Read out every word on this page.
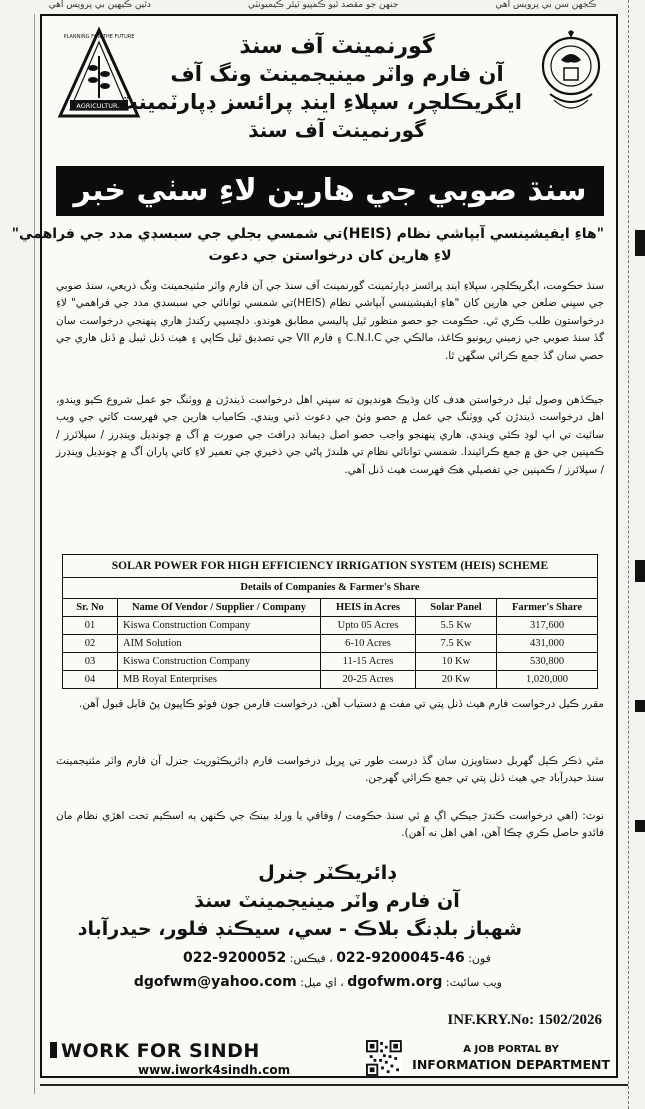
ڪجهن سن بي پرويس آهي
جنهن جو مقصد ٿيو ڪمپيو ٽيئر ڪيميونٽي
دٿين ڪيھين بي پرويس آهي
AGRICULTURE
PLANNING FOR THE FUTURE	گورنمينٽ آف سنڌ
آن فارم واٽر مينيجمينٽ ونگ آف
ايگريڪلچر، سپلاءِ اينڊ پرائسز ڊپارٽمينٽ
گورنمينٽ آف سنڌ
سنڌ صوبي جي هارين لاءِ سٺي خبر
"هاءِ ايفيشينسي آبپاشي نظام (HEIS)تي شمسي بجلي جي سبسڊي مدد جي فراهمي"
لاءِ هارين کان درخواستن جي دعوت
سنڌ حڪومت، ايگريڪلچر، سپلاءِ اينڊ پرائسز ڊپارٽمينٽ گورنمينٽ آف سنڌ جي آن فارم واٽر مئنيجمينٽ ونگ ذريعي، سنڌ صوبي جي سڀني ضلعن جي هارين کان "هاءِ ايفيشينسي آبپاشي نظام (HEIS)تي شمسي توانائي جي سبسڊي مدد جي فراهمي" لاءِ درخواستون طلب ڪري ٿي. حڪومت جو حصو منظور ٿيل پاليسي مطابق هوندو. دلچسپي رکندڙ هاري پنهنجي درخواست سان گڏ سنڌ صوبي جي زميني ريونيو ڪاغذ، مالڪي جي C.N.I.C ۽ فارم VII جي تصديق ٿيل ڪاپي ۽ هيٺ ڏنل ٽيبل ۾ ڏنل هاري جي حصي سان گڏ جمع ڪرائي سگهن ٿا.
جيڪڏهن وصول ٿيل درخواستن هدف کان وڌيڪ هونديون ته سڀني اهل درخواست ڏيندڙن ۾ ووٽنگ جو عمل شروع ڪيو ويندو، اهل درخواست ڏيندڙن کي ووٽنگ جي عمل ۾ حصو وٺڻ جي دعوت ڏني ويندي. ڪامياب هارين جي فهرست کاتي جي ويب سائيٽ تي اپ لوڊ ڪئي ويندي. هاري پنهنجو واجب حصو اصل ڊيمانڊ ڊرافٽ جي صورت ۾ آگ ۾ چونڊيل وينڊرز / سپلائرز / ڪمپنين جي حق ۾ جمع ڪرائيندا. شمسي توانائي نظام تي هلندڙ پاڻي جي ذخيري جي تعمير لاءِ کاتي پاران آگ ۾ چونڊيل وينڊرز / سپلائرز / ڪمپنين جي تفصيلي هڪ فهرست هيٺ ڏنل آهي.
SOLAR POWER FOR HIGH EFFICIENCY IRRIGATION SYSTEM (HEIS) SCHEME
Details of Companies & Farmer's Share
Sr. No	Name Of Vendor / Supplier / Company	HEIS in Acres	Solar Panel	Farmer's Share
01	Kiswa Construction Company	Upto 05 Acres	5.5 Kw	317,600
02	AIM Solution	6-10 Acres	7.5 Kw	431,000
03	Kiswa Construction Company	11-15 Acres	10 Kw	530,800
04	MB Royal Enterprises	20-25 Acres	20 Kw	1,020,000
مقرر ڪيل درخواست فارم هيٺ ڏنل پتي تي مفت ۾ دستياب آهن. درخواست فارمن جون فوٽو ڪاپيون پڻ قابل قبول آهن.
مٿي ذڪر ڪيل گهربل دستاويزن سان گڏ درست طور تي ڀريل درخواست فارم ڊائريڪٽوريٽ جنرل آن فارم واٽر مئنيجمينٽ سنڌ حيدرآباد جي هيٺ ڏنل پتي تي جمع ڪرائي گهرجن.
نوٽ: (اهي درخواست ڪندڙ جيڪي اڳ ۾ ئي سنڌ حڪومت / وفاقي يا ورلڊ بينڪ جي ڪنهن ٻه اسڪيم تحت اهڙي نظام مان فائدو حاصل ڪري چڪا آهن، اهي اهل نه آهن).
ڊائريڪٽر جنرل
آن فارم واٽر مينيجمينٽ سنڌ
شهباز بلڊنگ بلاڪ - سي، سيڪنڊ فلور، حيدرآباد
فون: 022-9200045-46 ، فيڪس: 022-9200052
ويب سائيٽ: dgofwm.org ، اي ميل: dgofwm@yahoo.com
INF.KRY.No: 1502/2026
WORK FOR SINDH
www.iwork4sindh.com
A JOB PORTAL BY
INFORMATION DEPARTMENT
